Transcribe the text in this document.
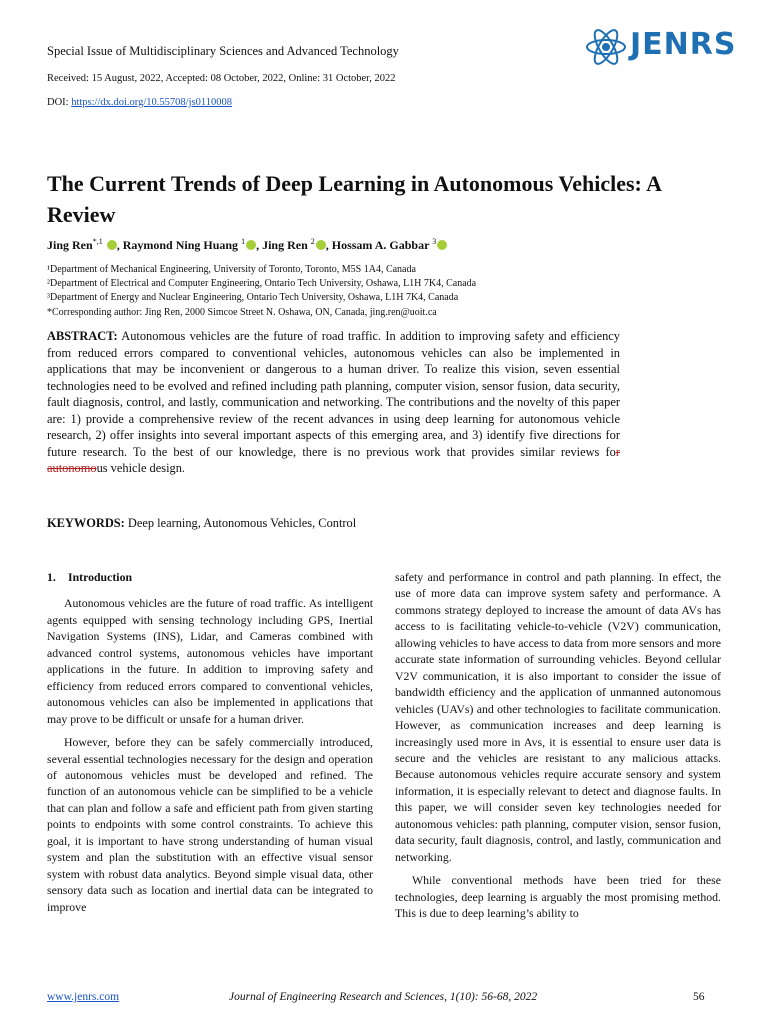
Special Issue of Multidisciplinary Sciences and Advanced Technology	JENRS
Received: 15 August, 2022, Accepted: 08 October, 2022, Online: 31 October, 2022
DOI: https://dx.doi.org/10.55708/js0110008
The Current Trends of Deep Learning in Autonomous Vehicles: A Review
Jing Ren$^{*,1}$ , Raymond Ning Huang $^1$ , Jing Ren $^2$ , Hossam A. Gabbar $^3$
¹Department of Mechanical Engineering, University of Toronto, Toronto, M5S 1A4, Canada
²Department of Electrical and Computer Engineering, Ontario Tech University, Oshawa, L1H 7K4, Canada
³Department of Energy and Nuclear Engineering, Ontario Tech University, Oshawa, L1H 7K4, Canada
*Corresponding author: Jing Ren, 2000 Simcoe Street N. Oshawa, ON, Canada, jing.ren@uoit.ca
ABSTRACT: Autonomous vehicles are the future of road traffic. In addition to improving safety and efficiency from reduced errors compared to conventional vehicles, autonomous vehicles can also be implemented in applications that may be inconvenient or dangerous to a human driver. To realize this vision, seven essential technologies need to be evolved and refined including path planning, computer vision, sensor fusion, data security, fault diagnosis, control, and lastly, communication and networking. The contributions and the novelty of this paper are: 1) provide a comprehensive review of the recent advances in using deep learning for autonomous vehicle research, 2) offer insights into several important aspects of this emerging area, and 3) identify five directions for future research. To the best of our knowledge, there is no previous work that provides similar reviews for autonomous vehicle design.
KEYWORDS: Deep learning, Autonomous Vehicles, Control
1. Introduction

Autonomous vehicles are the future of road traffic. As intelligent agents equipped with sensing technology including GPS, Inertial Navigation Systems (INS), Lidar, and Cameras combined with advanced control systems, autonomous vehicles have important applications in the future. In addition to improving safety and efficiency from reduced errors compared to conventional vehicles, autonomous vehicles can also be implemented in applications that may prove to be difficult or unsafe for a human driver.

However, before they can be safely commercially introduced, several essential technologies necessary for the design and operation of autonomous vehicles must be developed and refined. The function of an autonomous vehicle can be simplified to be a vehicle that can plan and follow a safe and efficient path from given starting points to endpoints with some control constraints. To achieve this goal, it is important to have strong understanding of human visual system and plan the substitution with an effective visual sensor system with robust data analytics. Beyond simple visual data, other sensory data such as location and inertial data can be integrated to improve

safety and performance in control and path planning. In effect, the use of more data can improve system safety and performance. A commons strategy deployed to increase the amount of data AVs has access to is facilitating vehicle-to-vehicle (V2V) communication, allowing vehicles to have access to data from more sensors and more accurate state information of surrounding vehicles. Beyond cellular V2V communication, it is also important to consider the issue of bandwidth efficiency and the application of unmanned autonomous vehicles (UAVs) and other technologies to facilitate communication. However, as communication increases and deep learning is increasingly used more in Avs, it is essential to ensure user data is secure and the vehicles are resistant to any malicious attacks. Because autonomous vehicles require accurate sensory and system information, it is especially relevant to detect and diagnose faults. In this paper, we will consider seven key technologies needed for autonomous vehicles: path planning, computer vision, sensor fusion, data security, fault diagnosis, control, and lastly, communication and networking.

While conventional methods have been tried for these technologies, deep learning is arguably the most promising method. This is due to deep learning’s ability to

www.jenrs.com	Journal of Engineering Research and Sciences, 1(10): 56-68, 2022	56
